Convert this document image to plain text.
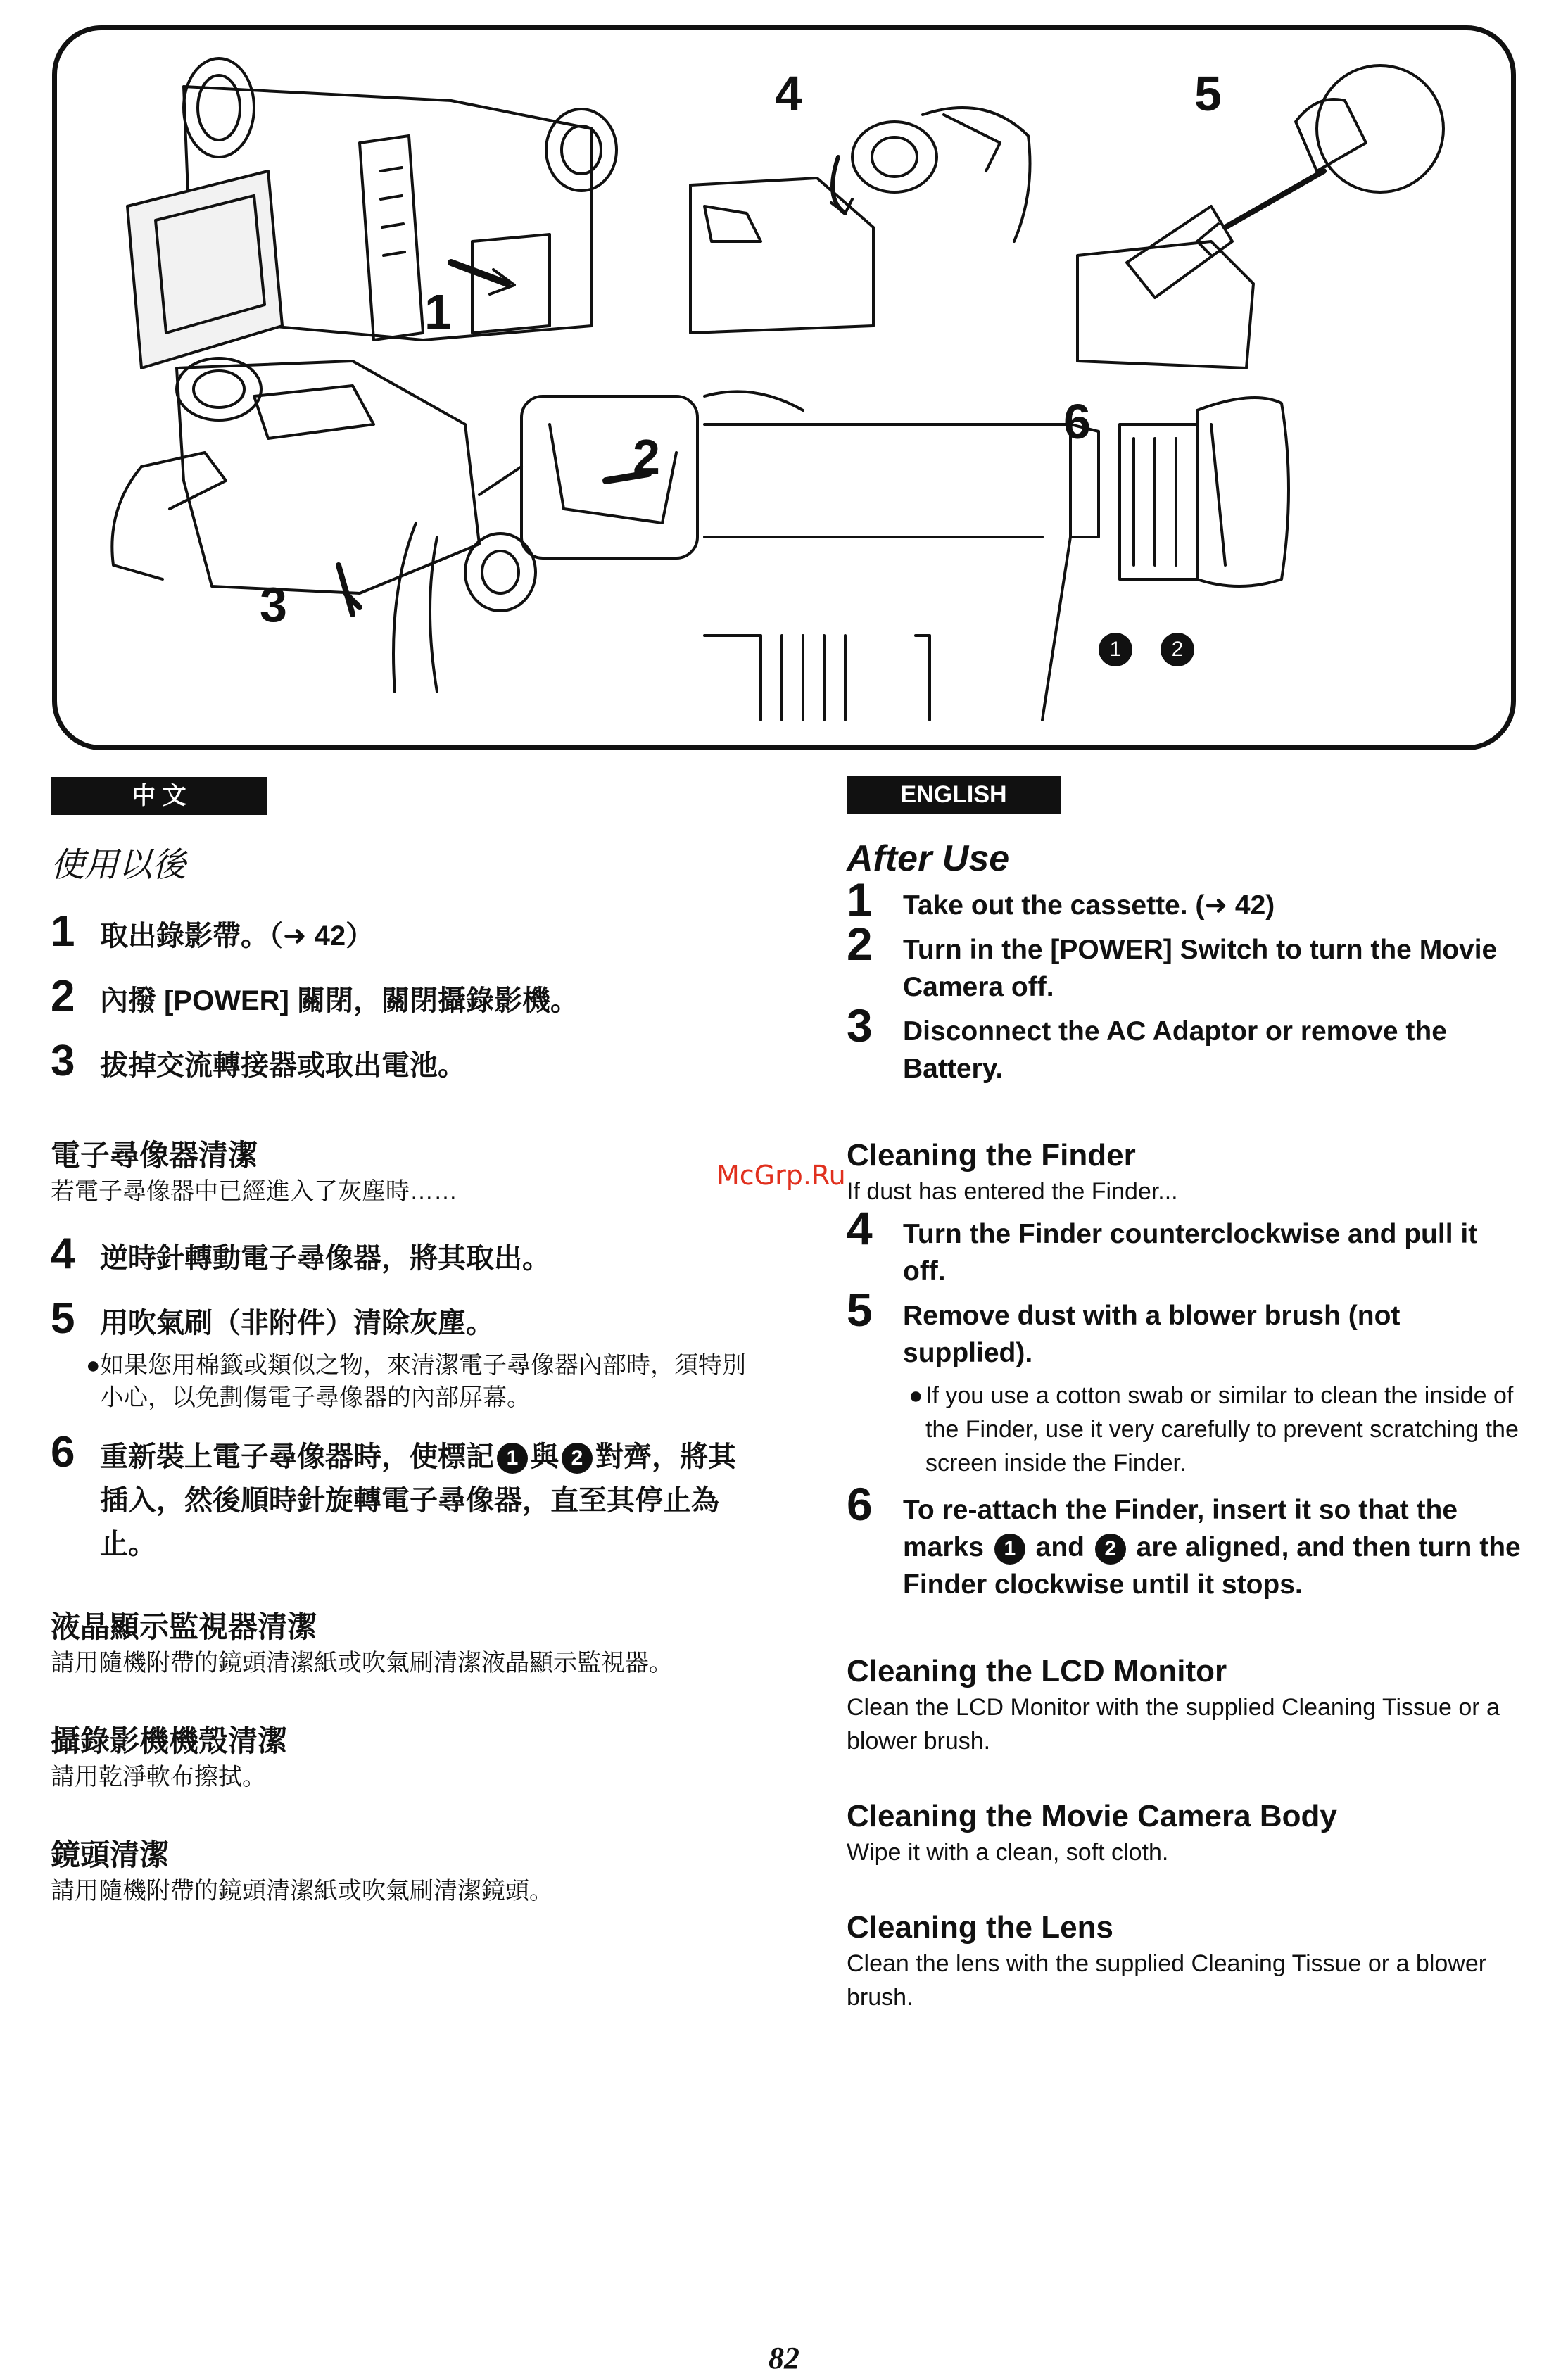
1
2
3
4	5
6
1	2
中 文	ENGLISH
使用以後
1 取出錄影帶。（➜ 42）
2 內撥 [POWER] 關閉，關閉攝錄影機。
3 拔掉交流轉接器或取出電池。

電子尋像器清潔

若電子尋像器中已經進入了灰塵時……

4 逆時針轉動電子尋像器，將其取出。
5 用吹氣刷（非附件）清除灰塵。
● 如果您用棉籤或類似之物，來清潔電子尋像器內部時，須特別小心，以免劃傷電子尋像器的內部屏幕。
6 重新裝上電子尋像器時，使標記 1 與 2 對齊，將其插入，然後順時針旋轉電子尋像器，直至其停止為止。

液晶顯示監視器清潔

請用隨機附帶的鏡頭清潔紙或吹氣刷清潔液晶顯示監視器。

攝錄影機機殼清潔

請用乾淨軟布擦拭。

鏡頭清潔

請用隨機附帶的鏡頭清潔紙或吹氣刷清潔鏡頭。

After Use
1 Take out the cassette. (➜ 42)
2 Turn in the [POWER] Switch to turn the Movie Camera off.
3 Disconnect the AC Adaptor or remove the Battery.

Cleaning the Finder

If dust has entered the Finder...

4 Turn the Finder counterclockwise and pull it off.
5 Remove dust with a blower brush (not supplied).
● If you use a cotton swab or similar to clean the inside of the Finder, use it very carefully to prevent scratching the screen inside the Finder.
6 To re-attach the Finder, insert it so that the marks 1 and 2 are aligned, and then turn the Finder clockwise until it stops.

Cleaning the LCD Monitor

Clean the LCD Monitor with the supplied Cleaning Tissue or a blower brush.

Cleaning the Movie Camera Body

Wipe it with a clean, soft cloth.

Cleaning the Lens

Clean the lens with the supplied Cleaning Tissue or a blower brush.

McGrp.Ru
82
